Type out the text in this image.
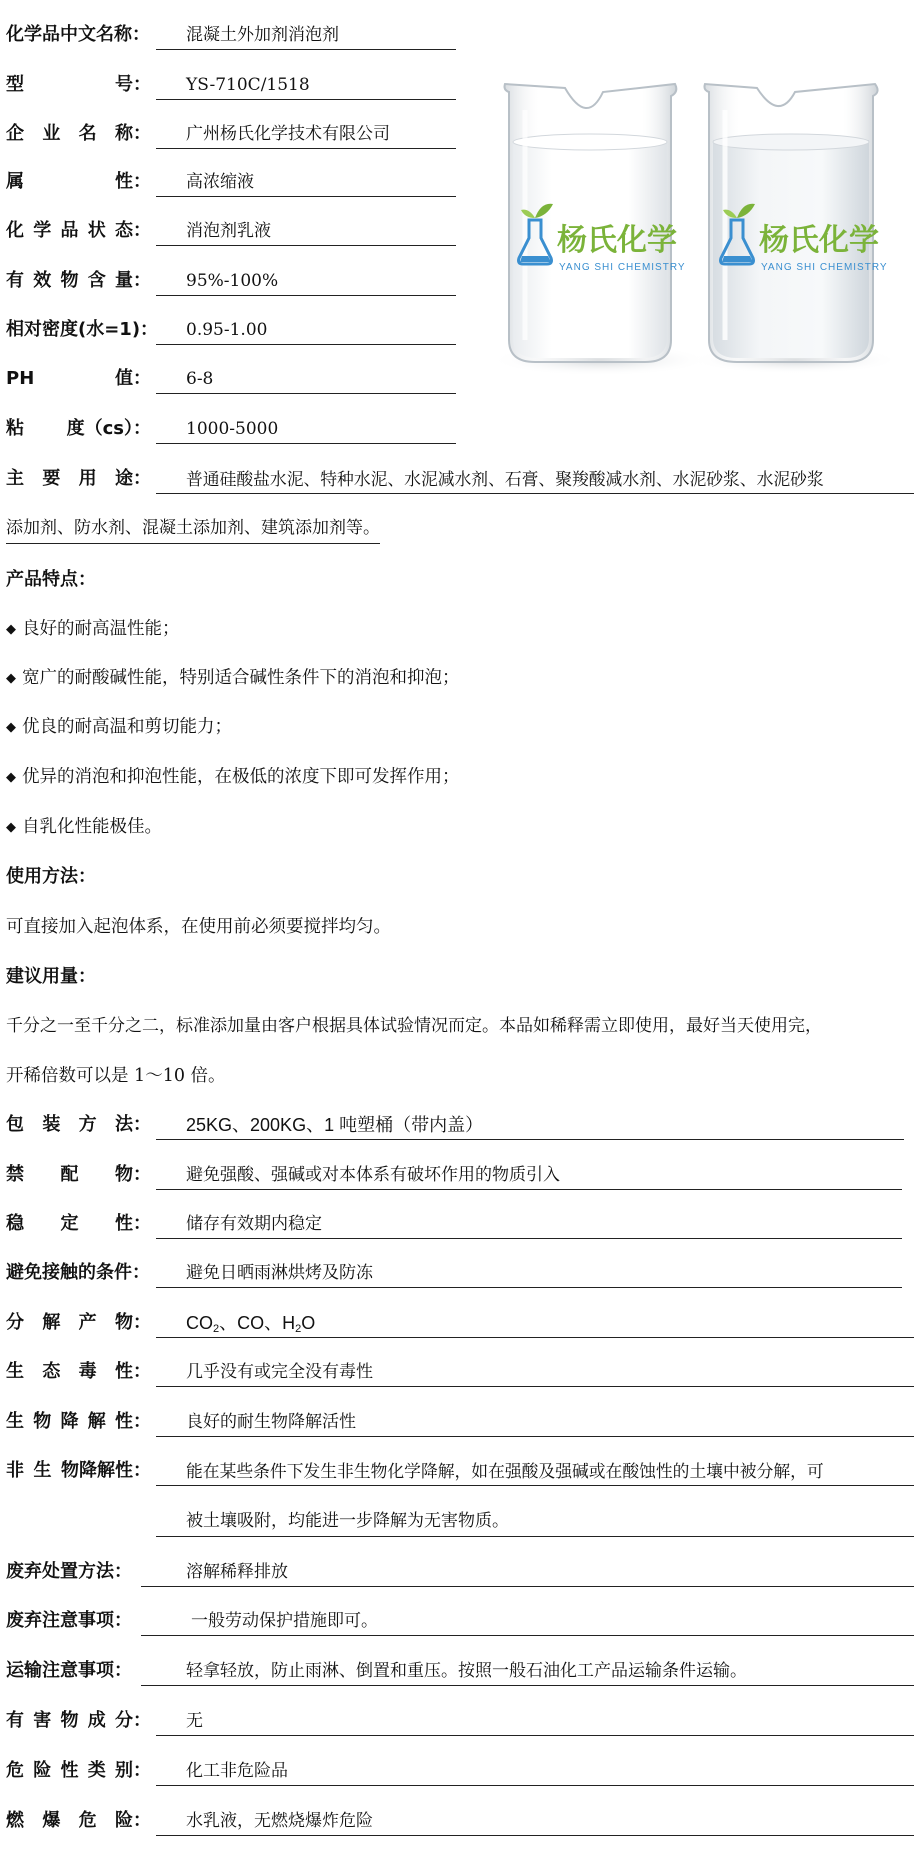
化学品中文名称：	混凝土外加剂消泡剂
型	号：	YS-710C/1518
企 业 名 称：	广州杨氏化学技术有限公司
属	性：	高浓缩液
化 学 品 状 态：	消泡剂乳液
有 效 物 含 量：	95%-100%
相对密度(水=1)：	0.95-1.00
PH	值：	6-8
粘 度（cs）：	1000-5000
杨氏化学
YANG SHI CHEMISTRY
杨氏化学
YANG SHI CHEMISTRY
主 要 用 途：	普通硅酸盐水泥、特种水泥、水泥减水剂、石膏、聚羧酸减水剂、水泥砂浆、水泥砂浆
添加剂、防水剂、混凝土添加剂、建筑添加剂等。
产品特点：
◆ 良好的耐高温性能；
◆ 宽广的耐酸碱性能，特别适合碱性条件下的消泡和抑泡；
◆ 优良的耐高温和剪切能力；
◆ 优异的消泡和抑泡性能，在极低的浓度下即可发挥作用；
◆ 自乳化性能极佳。
使用方法：
可直接加入起泡体系，在使用前必须要搅拌均匀。
建议用量：
千分之一至千分之二，标准添加量由客户根据具体试验情况而定。本品如稀释需立即使用，最好当天使用完，
开稀倍数可以是 1～10 倍。
包 装 方 法：	25KG、200KG、1 吨塑桶（带内盖）
禁 配 物：	避免强酸、强碱或对本体系有破坏作用的物质引入
稳 定 性：	储存有效期内稳定
避免接触的条件：	避免日晒雨淋烘烤及防冻
分 解 产 物：	$CO_2$、CO、$H_2O$
生 态 毒 性：	几乎没有或完全没有毒性
生 物 降 解 性：	良好的耐生物降解活性
非 生 物降解性：	能在某些条件下发生非生物化学降解，如在强酸及强碱或在酸蚀性的土壤中被分解，可
被土壤吸附，均能进一步降解为无害物质。
废弃处置方法：	溶解稀释排放
废弃注意事项：	一般劳动保护措施即可。
运输注意事项：	轻拿轻放，防止雨淋、倒置和重压。按照一般石油化工产品运输条件运输。
有 害 物 成 分：	无
危 险 性 类 别：	化工非危险品
燃 爆 危 险：	水乳液，无燃烧爆炸危险
